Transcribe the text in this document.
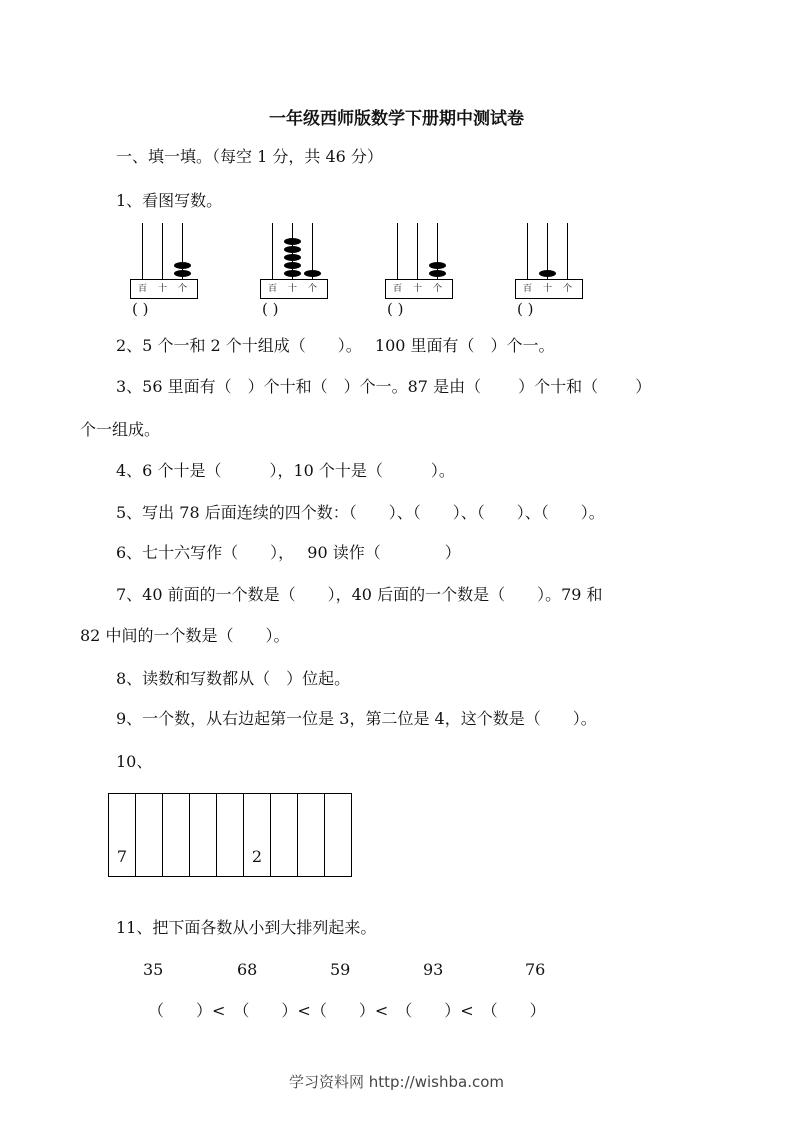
一年级西师版数学下册期中测试卷
一、填一填。（每空 1 分，共 46 分）
1、看图写数。
百 十 个
( )
百 十 个
( )
百 十 个
( )
百 十 个
( )
2、5 个一和 2 个十组成（　　）。　 100 里面有（　）个一。
3、56 里面有（　）个十和（　）个一。87 是由（　　 ）个十和（　　 ）
个一组成。
4、6 个十是（　　　），10 个十是（　　　）。
5、写出 78 后面连续的四个数：（　　）、（　　）、（　　）、（　　）。
6、七十六写作（　　），　 90 读作（　　　　）
7、40 前面的一个数是（　　），40 后面的一个数是（　　）。79 和
82 中间的一个数是（　　）。
8、读数和写数都从（　）位起。
9、一个数，从右边起第一位是 3，第二位是 4，这个数是（　　）。
10、
7					2			
11、把下面各数从小到大排列起来。
35	68	59	93	76
（　　）<　（　　）<（　　）<　（　　）<　（　　）
学习资料网 http://wishba.com
